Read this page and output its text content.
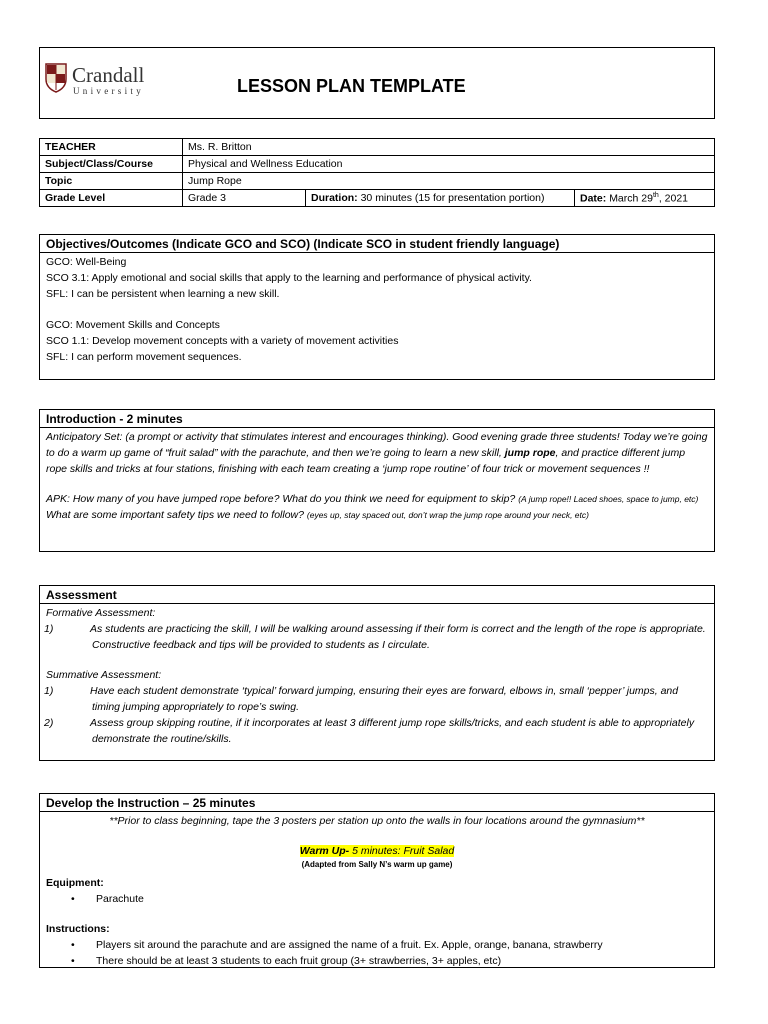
Crandall
University	LESSON PLAN TEMPLATE
TEACHER	Ms. R. Britton		
Subject/Class/Course	Physical and Wellness Education		
Topic	Jump Rope		
Grade Level	Grade 3	Duration: 30 minutes (15 for presentation portion)	Date: March 29th, 2021
Objectives/Outcomes (Indicate GCO and SCO) (Indicate SCO in student friendly language)
GCO: Well-Being
SCO 3.1: Apply emotional and social skills that apply to the learning and performance of physical activity.
SFL: I can be persistent when learning a new skill.
GCO: Movement Skills and Concepts
SCO 1.1: Develop movement concepts with a variety of movement activities
SFL: I can perform movement sequences.
Introduction - 2 minutes
Anticipatory Set: (a prompt or activity that stimulates interest and encourages thinking). Good evening grade three students! Today we’re going to do a warm up game of “fruit salad” with the parachute, and then we’re going to learn a new skill, jump rope, and practice different jump rope skills and tricks at four stations, finishing with each team creating a ‘jump rope routine’ of four trick or movement sequences !!
APK: How many of you have jumped rope before? What do you think we need for equipment to skip? (A jump rope!! Laced shoes, space to jump, etc) What are some important safety tips we need to follow? (eyes up, stay spaced out, don’t wrap the jump rope around your neck, etc)
Assessment
Formative Assessment:
1)	As students are practicing the skill, I will be walking around assessing if their form is correct and the length of the rope is appropriate. Constructive feedback and tips will be provided to students as I circulate.
Summative Assessment:
1)	Have each student demonstrate ‘typical’ forward jumping, ensuring their eyes are forward, elbows in, small ‘pepper’ jumps, and timing jumping appropriately to rope’s swing.
2)	Assess group skipping routine, if it incorporates at least 3 different jump rope skills/tricks, and each student is able to appropriately demonstrate the routine/skills.
Develop the Instruction – 25 minutes
**Prior to class beginning, tape the 3 posters per station up onto the walls in four locations around the gymnasium**
Warm Up- 5 minutes: Fruit Salad
(Adapted from Sally N’s warm up game)
Equipment:
• Parachute
Instructions:
• Players sit around the parachute and are assigned the name of a fruit. Ex. Apple, orange, banana, strawberry
• There should be at least 3 students to each fruit group (3+ strawberries, 3+ apples, etc)
